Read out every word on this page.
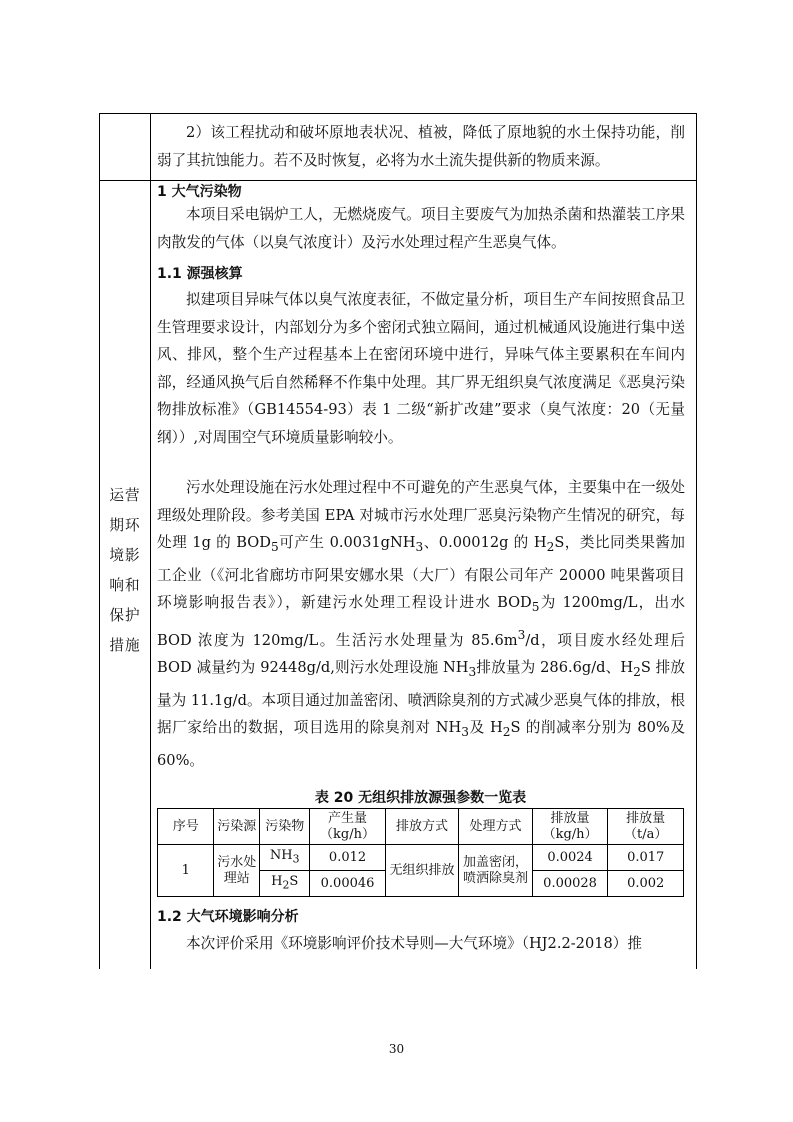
2）该工程扰动和破坏原地表状况、植被，降低了原地貌的水土保持功能，削弱了其抗蚀能力。若不及时恢复，必将为水土流失提供新的物质来源。
运营
期环
境影
响和
保护
措施
1 大气污染物
本项目采电锅炉工人，无燃烧废气。项目主要废气为加热杀菌和热灌装工序果肉散发的气体（以臭气浓度计）及污水处理过程产生恶臭气体。
1.1 源强核算
拟建项目异味气体以臭气浓度表征，不做定量分析，项目生产车间按照食品卫生管理要求设计，内部划分为多个密闭式独立隔间，通过机械通风设施进行集中送风、排风，整个生产过程基本上在密闭环境中进行，异味气体主要累积在车间内部，经通风换气后自然稀释不作集中处理。其厂界无组织臭气浓度满足《恶臭污染物排放标准》（GB14554-93）表 1 二级“新扩改建”要求（臭气浓度：20（无量纲））,对周围空气环境质量影响较小。
污水处理设施在污水处理过程中不可避免的产生恶臭气体，主要集中在一级处理级处理阶段。参考美国 EPA 对城市污水处理厂恶臭污染物产生情况的研究，每处理 1g 的 $BOD_5$可产生 0.0031gNH$_3$、0.00012g 的 $H_2S$，类比同类果酱加工企业（《河北省廊坊市阿果安娜水果（大厂）有限公司年产 20000 吨果酱项目环境影响报告表》），新建污水处理工程设计进水 $BOD_5$为 1200mg/L，出水 BOD 浓度为 120mg/L。生活污水处理量为 $85.6m^3/d$，项目废水经处理后 BOD 减量约为 92448g/d,则污水处理设施 $NH_3$排放量为 286.6g/d、$H_2S$ 排放量为 11.1g/d。本项目通过加盖密闭、喷洒除臭剂的方式减少恶臭气体的排放，根据厂家给出的数据，项目选用的除臭剂对 $NH_3$及 $H_2S$ 的削减率分别为 80%及 60%。
表 20 无组织排放源强参数一览表
序号	污染源	污染物	产生量（kg/h）	排放方式	处理方式	排放量（kg/h）	排放量（t/a）
1	污水处理站	$NH_3$	0.012	无组织排放	加盖密闭，喷洒除臭剂	0.0024	0.017
		$H_2S$	0.00046			0.00028	0.002
1.2 大气环境影响分析
本次评价采用《环境影响评价技术导则—大气环境》（HJ2.2-2018）推
30
